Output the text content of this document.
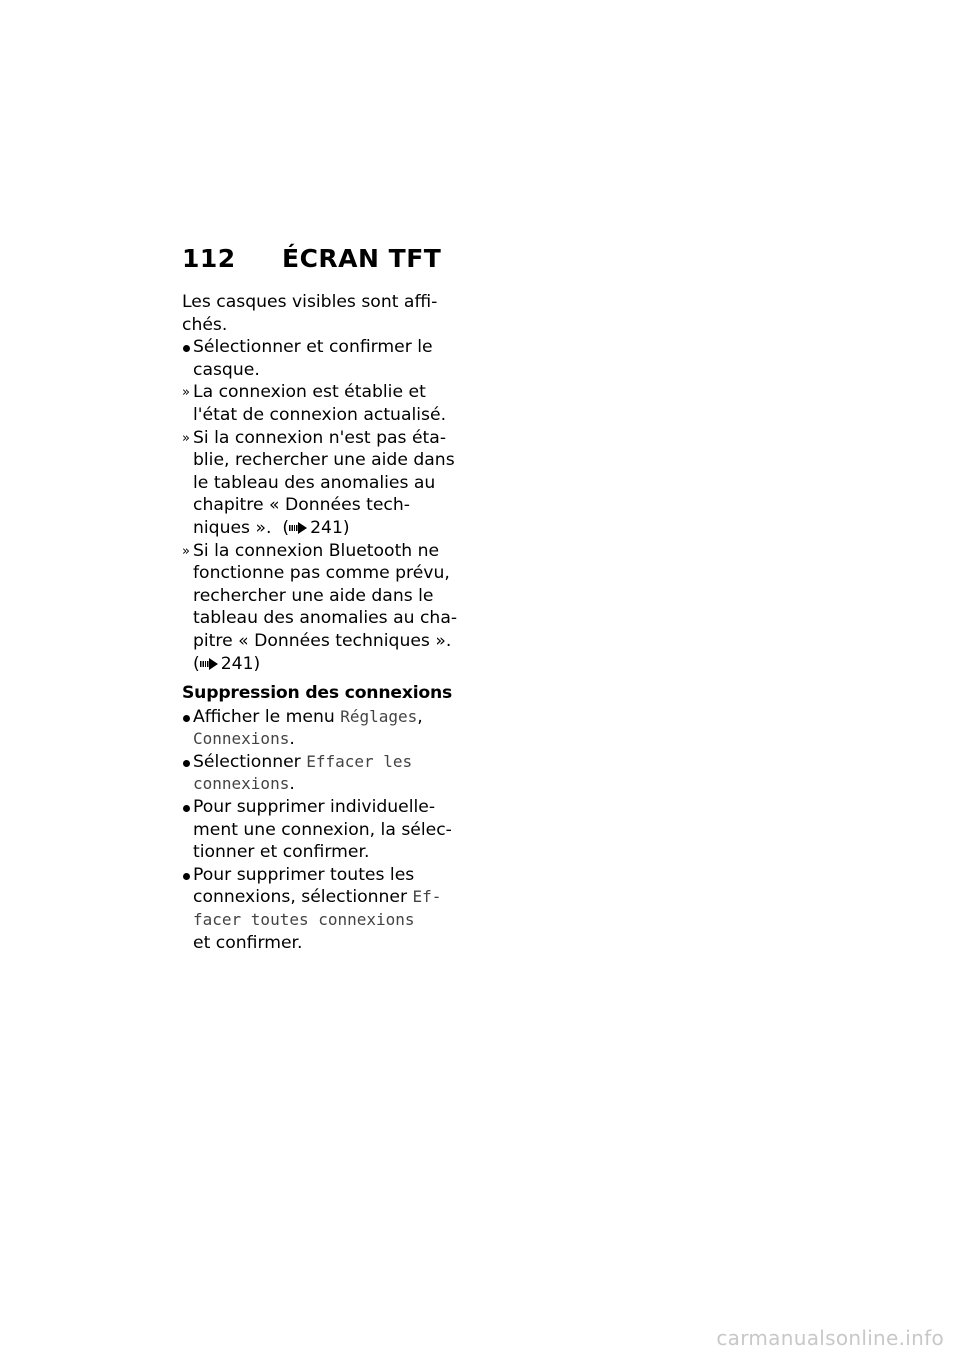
112	ÉCRAN TFT

Les casques visibles sont affi-
chés.

Sélectionner et confirmer le
casque.
» La connexion est établie et
l'état de connexion actualisé.
» Si la connexion n'est pas éta-
blie, rechercher une aide dans
le tableau des anomalies au
chapitre « Données tech-
niques ». ( 241)
» Si la connexion Bluetooth ne
fonctionne pas comme prévu,
rechercher une aide dans le
tableau des anomalies au cha-
pitre « Données techniques ».
( 241)
Suppression des connexions
Afficher le menu Réglages,
Connexions.
Sélectionner Effacer les
connexions.
Pour supprimer individuelle-
ment une connexion, la sélec-
tionner et confirmer.
Pour supprimer toutes les
connexions, sélectionner Ef-
facer toutes connexions
et confirmer.
carmanualsonline.info
